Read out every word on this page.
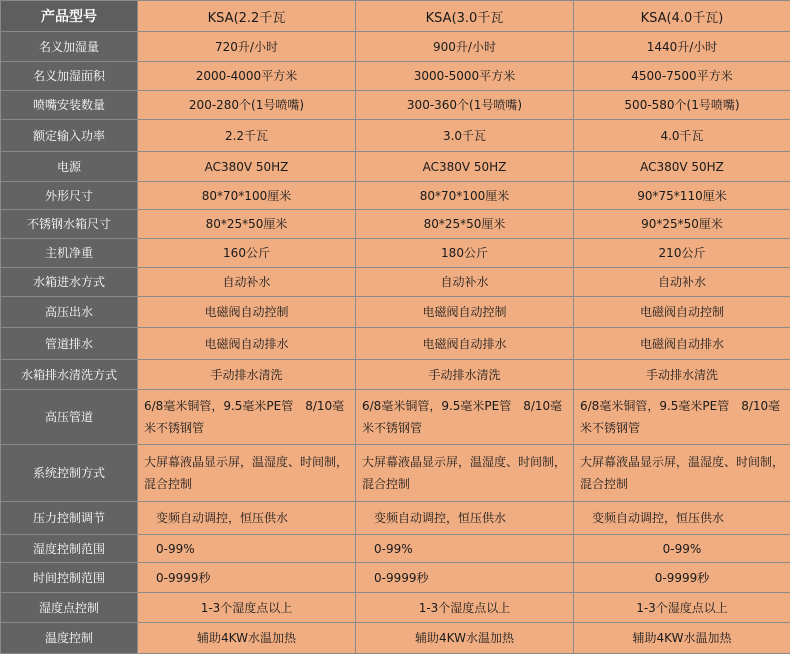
产品型号	KSA(2.2千瓦	KSA(3.0千瓦	KSA(4.0千瓦)
名义加湿量	720升/小时	900升/小时	1440升/小时
名义加湿面积	2000-4000平方米	3000-5000平方米	4500-7500平方米
喷嘴安装数量	200-280个(1号喷嘴)	300-360个(1号喷嘴)	500-580个(1号喷嘴)
额定输入功率	2.2千瓦	3.0千瓦	4.0千瓦
电源	AC380V 50HZ	AC380V 50HZ	AC380V 50HZ
外形尺寸	80*70*100厘米	80*70*100厘米	90*75*110厘米
不锈钢水箱尺寸	80*25*50厘米	80*25*50厘米	90*25*50厘米
主机净重	160公斤	180公斤	210公斤
水箱进水方式	自动补水	自动补水	自动补水
高压出水	电磁阀自动控制	电磁阀自动控制	电磁阀自动控制
管道排水	电磁阀自动排水	电磁阀自动排水	电磁阀自动排水
水箱排水清洗方式	手动排水清洗	手动排水清洗	手动排水清洗
高压管道	6/8毫米铜管，9.5毫米PE管　8/10毫米不锈钢管	6/8毫米铜管，9.5毫米PE管　8/10毫米不锈钢管	6/8毫米铜管，9.5毫米PE管　8/10毫米不锈钢管
系统控制方式	大屏幕液晶显示屏，温湿度、时间制，混合控制	大屏幕液晶显示屏，温湿度、时间制，混合控制	大屏幕液晶显示屏，温湿度、时间制，混合控制
压力控制调节	变频自动调控，恒压供水	变频自动调控，恒压供水	变频自动调控，恒压供水
湿度控制范围	0-99%	0-99%	0-99%
时间控制范围	0-9999秒	0-9999秒	0-9999秒
湿度点控制	1-3个湿度点以上	1-3个湿度点以上	1-3个湿度点以上
温度控制	辅助4KW水温加热	辅助4KW水温加热	辅助4KW水温加热
